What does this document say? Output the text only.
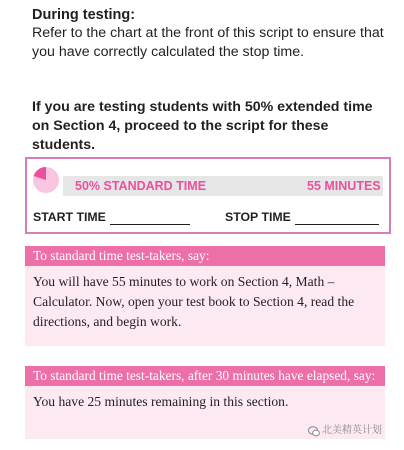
During testing:

Refer to the chart at the front of this script to ensure that you have correctly calculated the stop time.

If you are testing students with 50% extended time on Section 4, proceed to the script for these students.
50% STANDARD TIME	55 MINUTES
START TIME	STOP TIME
To standard time test-takers, say:
You will have 55 minutes to work on Section 4, Math – Calculator. Now, open your test book to Section 4, read the directions, and begin work.
To standard time test-takers, after 30 minutes have elapsed, say:
You have 25 minutes remaining in this section.
北美精英计划
